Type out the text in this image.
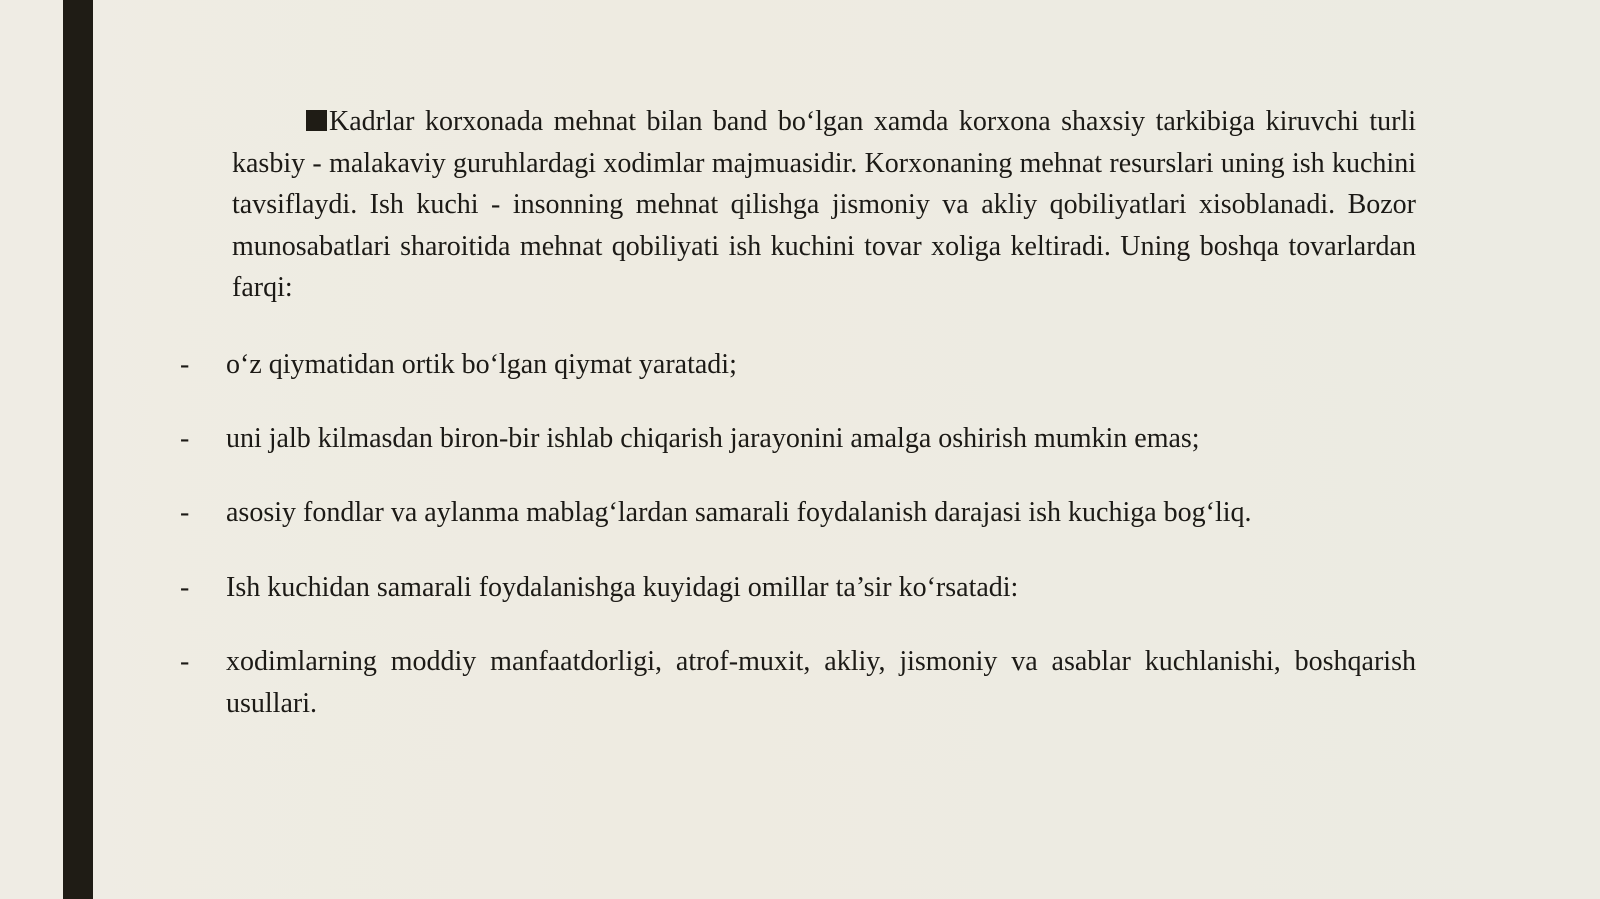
Kadrlar korxonada mehnat bilan band bo‘lgan xamda korxona shaxsiy tarkibiga kiruvchi turli kasbiy - malakaviy guruhlardagi xodimlar majmuasidir. Korxonaning mehnat resurslari uning ish kuchini tavsiflaydi. Ish kuchi - insonning mehnat qilishga jismoniy va akliy qobiliyatlari xisoblanadi. Bozor munosabatlari sharoitida mehnat qobiliyati ish kuchini tovar xoliga keltiradi. Uning boshqa tovarlardan farqi:
-	o‘z qiymatidan ortik bo‘lgan qiymat yaratadi;
-	uni jalb kilmasdan biron-bir ishlab chiqarish jarayonini amalga oshirish mumkin emas;
-	asosiy fondlar va aylanma mablag‘lardan samarali foydalanish darajasi ish kuchiga bog‘liq.
-	Ish kuchidan samarali foydalanishga kuyidagi omillar ta’sir ko‘rsatadi:
-	xodimlarning moddiy manfaatdorligi, atrof-muxit, akliy, jismoniy va asablar kuchlanishi, boshqarish usullari.
